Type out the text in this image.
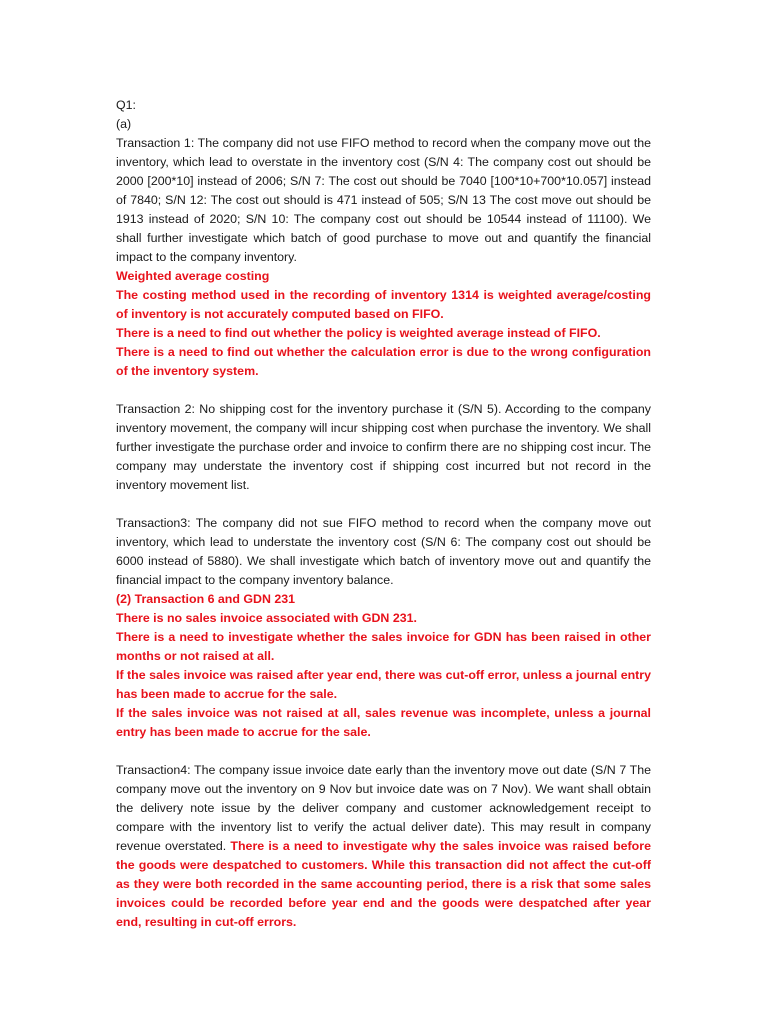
Q1:

(a)

Transaction 1: The company did not use FIFO method to record when the company move out the inventory, which lead to overstate in the inventory cost (S/N 4: The company cost out should be 2000 [200*10] instead of 2006; S/N 7: The cost out should be 7040 [100*10+700*10.057] instead of 7840; S/N 12: The cost out should is 471 instead of 505; S/N 13 The cost move out should be 1913 instead of 2020; S/N 10: The company cost out should be 10544 instead of 11100). We shall further investigate which batch of good purchase to move out and quantify the financial impact to the company inventory.

Weighted average costing

The costing method used in the recording of inventory 1314 is weighted average/costing of inventory is not accurately computed based on FIFO.

There is a need to find out whether the policy is weighted average instead of FIFO.

There is a need to find out whether the calculation error is due to the wrong configuration of the inventory system.

Transaction 2: No shipping cost for the inventory purchase it (S/N 5). According to the company inventory movement, the company will incur shipping cost when purchase the inventory. We shall further investigate the purchase order and invoice to confirm there are no shipping cost incur. The company may understate the inventory cost if shipping cost incurred but not record in the inventory movement list.

Transaction3: The company did not sue FIFO method to record when the company move out inventory, which lead to understate the inventory cost (S/N 6: The company cost out should be 6000 instead of 5880). We shall investigate which batch of inventory move out and quantify the financial impact to the company inventory balance.

(2) Transaction 6 and GDN 231

There is no sales invoice associated with GDN 231.

There is a need to investigate whether the sales invoice for GDN has been raised in other months or not raised at all.

If the sales invoice was raised after year end, there was cut-off error, unless a journal entry has been made to accrue for the sale.

If the sales invoice was not raised at all, sales revenue was incomplete, unless a journal entry has been made to accrue for the sale.

Transaction4: The company issue invoice date early than the inventory move out date (S/N 7 The company move out the inventory on 9 Nov but invoice date was on 7 Nov). We want shall obtain the delivery note issue by the deliver company and customer acknowledgement receipt to compare with the inventory list to verify the actual deliver date). This may result in company revenue overstated. There is a need to investigate why the sales invoice was raised before the goods were despatched to customers. While this transaction did not affect the cut-off as they were both recorded in the same accounting period, there is a risk that some sales invoices could be recorded before year end and the goods were despatched after year end, resulting in cut-off errors.
